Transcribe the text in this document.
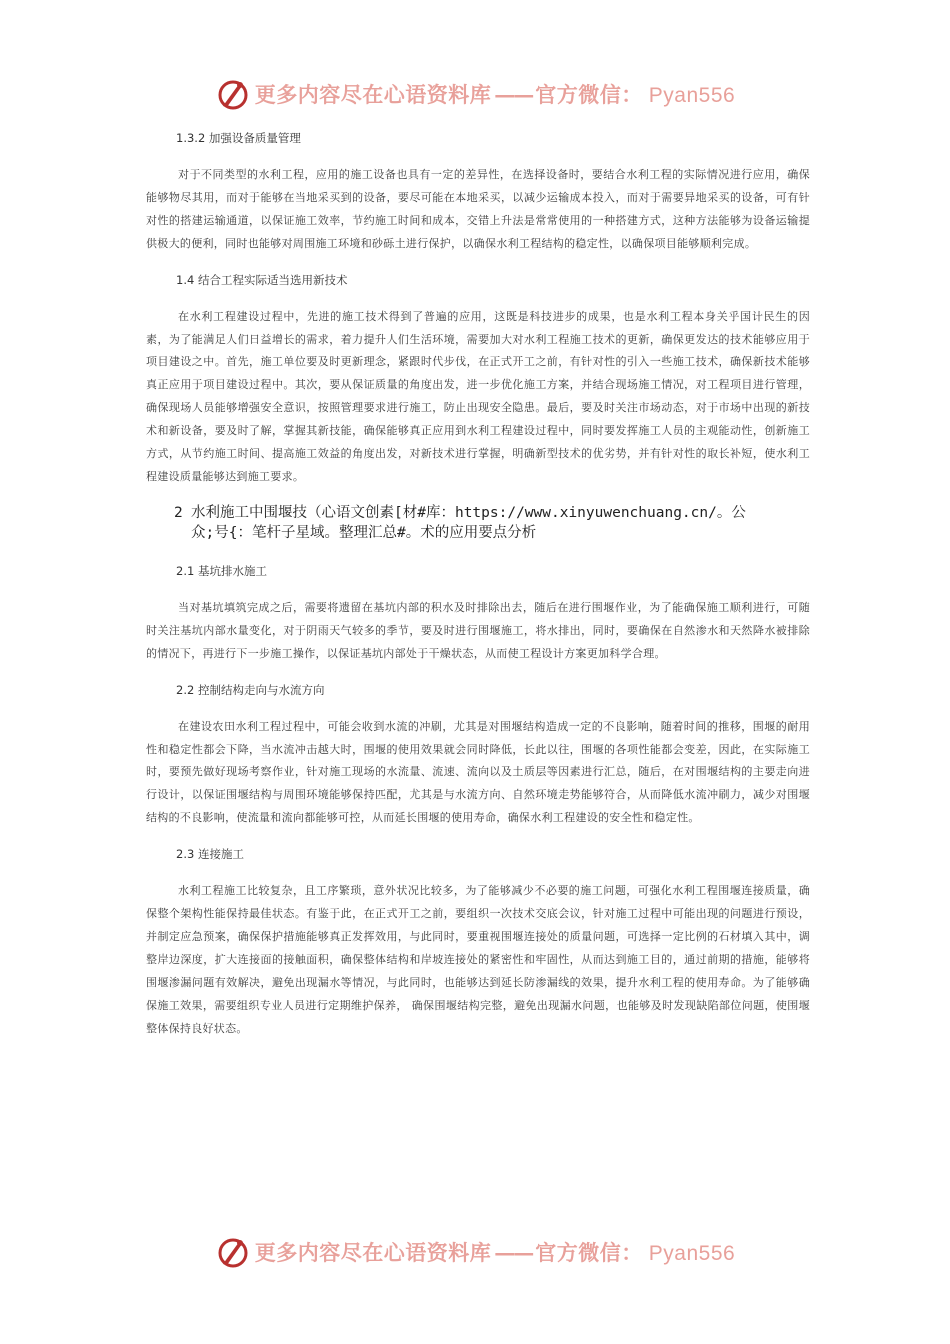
更多内容尽在心语资料库 —— 官方微信： Pyan556

1.3.2 加强设备质量管理

对于不同类型的水利工程，应用的施工设备也具有一定的差异性，在选择设备时，要结合水利工程的实际情况进行应用，确保能够物尽其用，而对于能够在当地采买到的设备，要尽可能在本地采买，以减少运输成本投入，而对于需要异地采买的设备，可有针对性的搭建运输通道，以保证施工效率，节约施工时间和成本，交错上升法是常常使用的一种搭建方式，这种方法能够为设备运输提供极大的便利，同时也能够对周围施工环境和砂砾土进行保护，以确保水利工程结构的稳定性，以确保项目能够顺利完成。

1.4 结合工程实际适当选用新技术

在水利工程建设过程中，先进的施工技术得到了普遍的应用，这既是科技进步的成果，也是水利工程本身关乎国计民生的因素，为了能满足人们日益增长的需求，着力提升人们生活环境，需要加大对水利工程施工技术的更新，确保更发达的技术能够应用于项目建设之中。首先，施工单位要及时更新理念，紧跟时代步伐，在正式开工之前，有针对性的引入一些施工技术，确保新技术能够真正应用于项目建设过程中。其次，要从保证质量的角度出发，进一步优化施工方案，并结合现场施工情况，对工程项目进行管理，确保现场人员能够增强安全意识，按照管理要求进行施工，防止出现安全隐患。最后，要及时关注市场动态，对于市场中出现的新技术和新设备，要及时了解，掌握其新技能，确保能够真正应用到水利工程建设过程中，同时要发挥施工人员的主观能动性，创新施工方式，从节约施工时间、提高施工效益的角度出发，对新技术进行掌握，明确新型技术的优劣势，并有针对性的取长补短，使水利工程建设质量能够达到施工要求。

2 水利施工中围堰技（心语文创素[材#库：https://www.xinyuwenchuang.cn/。公
众;号{：笔杆子星域。整理汇总#。术的应用要点分析

2.1 基坑排水施工

当对基坑填筑完成之后，需要将遗留在基坑内部的积水及时排除出去，随后在进行围堰作业，为了能确保施工顺利进行，可随时关注基坑内部水量变化，对于阴雨天气较多的季节，要及时进行围堰施工，将水排出，同时，要确保在自然渗水和天然降水被排除的情况下，再进行下一步施工操作，以保证基坑内部处于干燥状态，从而使工程设计方案更加科学合理。

2.2 控制结构走向与水流方向

在建设农田水利工程过程中，可能会收到水流的冲刷，尤其是对围堰结构造成一定的不良影响，随着时间的推移，围堰的耐用性和稳定性都会下降，当水流冲击越大时，围堰的使用效果就会同时降低，长此以往，围堰的各项性能都会变差，因此，在实际施工时，要预先做好现场考察作业，针对施工现场的水流量、流速、流向以及土质层等因素进行汇总，随后，在对围堰结构的主要走向进行设计，以保证围堰结构与周围环境能够保持匹配，尤其是与水流方向、自然环境走势能够符合，从而降低水流冲刷力，减少对围堰结构的不良影响，使流量和流向都能够可控，从而延长围堰的使用寿命，确保水利工程建设的安全性和稳定性。

2.3 连接施工

水利工程施工比较复杂，且工序繁琐，意外状况比较多，为了能够减少不必要的施工问题，可强化水利工程围堰连接质量，确保整个架构性能保持最佳状态。有鉴于此，在正式开工之前，要组织一次技术交底会议，针对施工过程中可能出现的问题进行预设，并制定应急预案，确保保护措施能够真正发挥效用，与此同时，要重视围堰连接处的质量问题，可选择一定比例的石材填入其中，调整岸边深度，扩大连接面的接触面积，确保整体结构和岸坡连接处的紧密性和牢固性，从而达到施工目的，通过前期的措施，能够将围堰渗漏问题有效解决，避免出现漏水等情况，与此同时，也能够达到延长防渗漏线的效果，提升水利工程的使用寿命。为了能够确保施工效果，需要组织专业人员进行定期维护保养， 确保围堰结构完整，避免出现漏水问题，也能够及时发现缺陷部位问题，使围堰整体保持良好状态。

更多内容尽在心语资料库 —— 官方微信： Pyan556
